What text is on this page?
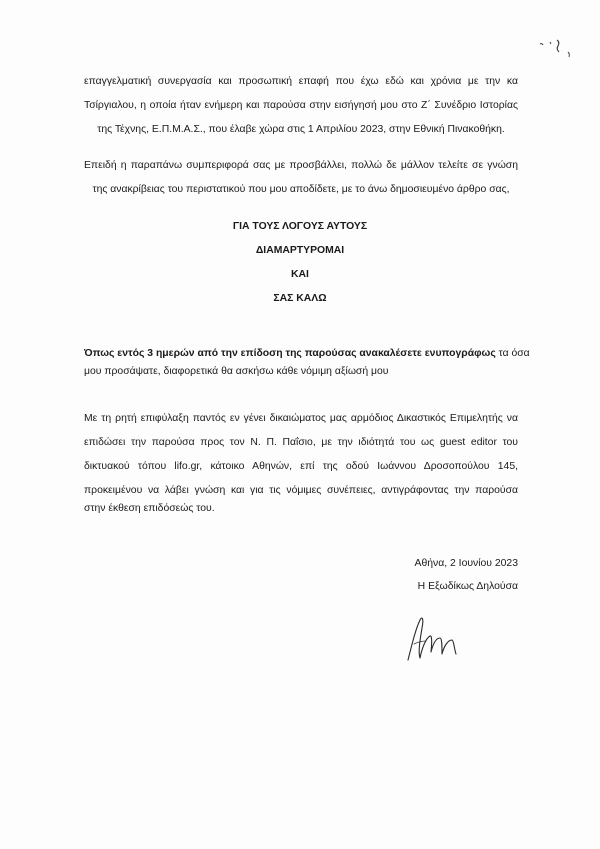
επαγγελματική συνεργασία και προσωπική επαφή που έχω εδώ και χρόνια με την κα
Τσίργιαλου, η οποία ήταν ενήμερη και παρούσα στην εισήγησή μου στο Ζ΄ Συνέδριο Ιστορίας
της Τέχνης, Ε.Π.Μ.Α.Σ., που έλαβε χώρα στις 1 Απριλίου 2023, στην Εθνική Πινακοθήκη.
Επειδή η παραπάνω συμπεριφορά σας με προσβάλλει, πολλώ δε μάλλον τελείτε σε γνώση
της ανακρίβειας του περιστατικού που μου αποδίδετε, με το άνω δημοσιευμένο άρθρο σας,
ΓΙΑ ΤΟΥΣ ΛΟΓΟΥΣ ΑΥΤΟΥΣ
ΔΙΑΜΑΡΤΥΡΟΜΑΙ
ΚΑΙ
ΣΑΣ ΚΑΛΩ
Όπως εντός 3 ημερών από την επίδοση της παρούσας ανακαλέσετε ενυπογράφως τα όσα
μου προσάψατε, διαφορετικά θα ασκήσω κάθε νόμιμη αξίωσή μου
Με τη ρητή επιφύλαξη παντός εν γένει δικαιώματος μας αρμόδιος Δικαστικός Επιμελητής να
επιδώσει την παρούσα προς τον Ν. Π. Παΐσιο, με την ιδιότητά του ως guest editor του
δικτυακού τόπου lifo.gr, κάτοικο Αθηνών, επί της οδού Ιωάννου Δροσοπούλου 145,
προκειμένου να λάβει γνώση και για τις νόμιμες συνέπειες, αντιγράφοντας την παρούσα
στην έκθεση επιδόσεώς του.
Αθήνα, 2 Ιουνίου 2023
Η Εξωδίκως Δηλούσα
